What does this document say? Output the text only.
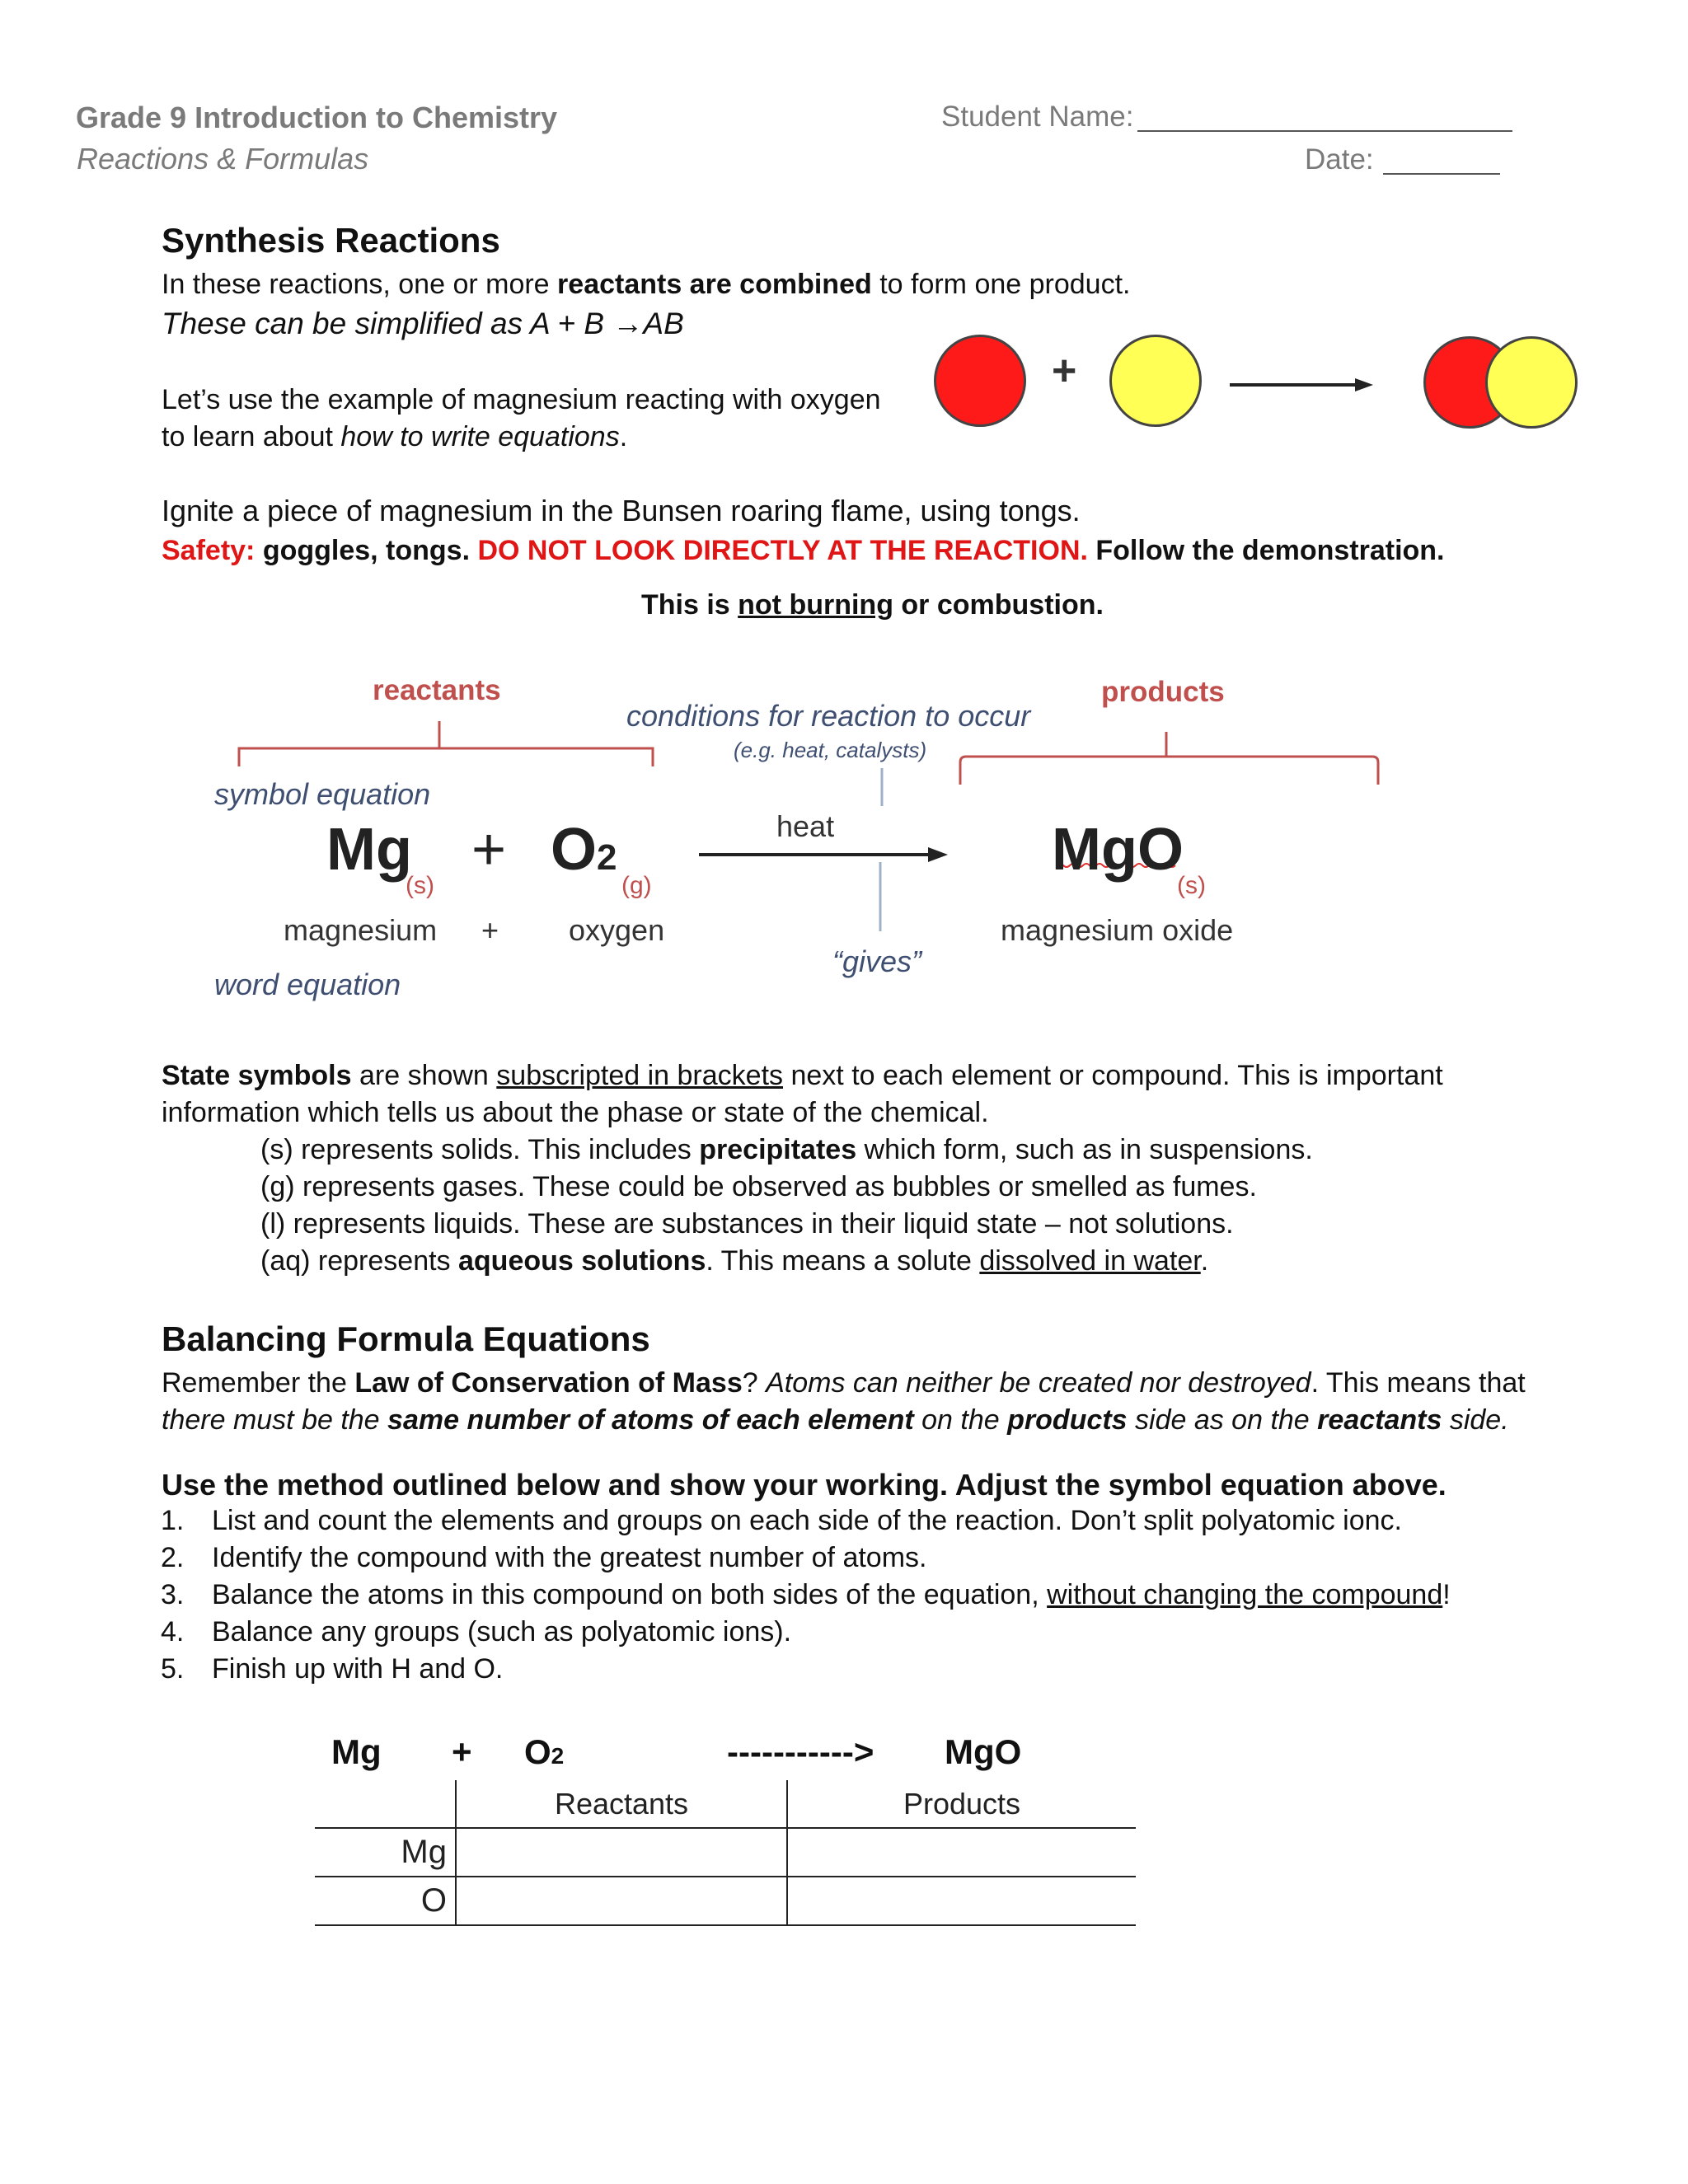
Grade 9 Introduction to Chemistry
Reactions & Formulas
Student Name:
Date:
Synthesis Reactions
In these reactions, one or more reactants are combined to form one product.
These can be simplified as A + B →AB
Let’s use the example of magnesium reacting with oxygen
to learn about how to write equations.
+
Ignite a piece of magnesium in the Bunsen roaring flame, using tongs.
Safety: goggles, tongs. DO NOT LOOK DIRECTLY AT THE REACTION. Follow the demonstration.
This is not burning or combustion.
reactants	products
conditions for reaction to occur
(e.g. heat, catalysts)
symbol equation
word equation
Mg
(s)
+ O2
(g)
heat
“gives”
MgO
(s)
magnesium + oxygen	magnesium oxide
State symbols are shown subscripted in brackets next to each element or compound. This is important
information which tells us about the phase or state of the chemical.
(s) represents solids. This includes precipitates which form, such as in suspensions.
(g) represents gases. These could be observed as bubbles or smelled as fumes.
(l) represents liquids. These are substances in their liquid state – not solutions.
(aq) represents aqueous solutions. This means a solute dissolved in water.
Balancing Formula Equations
Remember the Law of Conservation of Mass? Atoms can neither be created nor destroyed. This means that
there must be the same number of atoms of each element on the products side as on the reactants side.
Use the method outlined below and show your working. Adjust the symbol equation above.
1. List and count the elements and groups on each side of the reaction. Don’t split polyatomic ionc.
2. Identify the compound with the greatest number of atoms.
3. Balance the atoms in this compound on both sides of the equation, without changing the compound!
4. Balance any groups (such as polyatomic ions).
5. Finish up with H and O.
Mg + O2	-----------> MgO
	Reactants	Products
Mg		
O		
